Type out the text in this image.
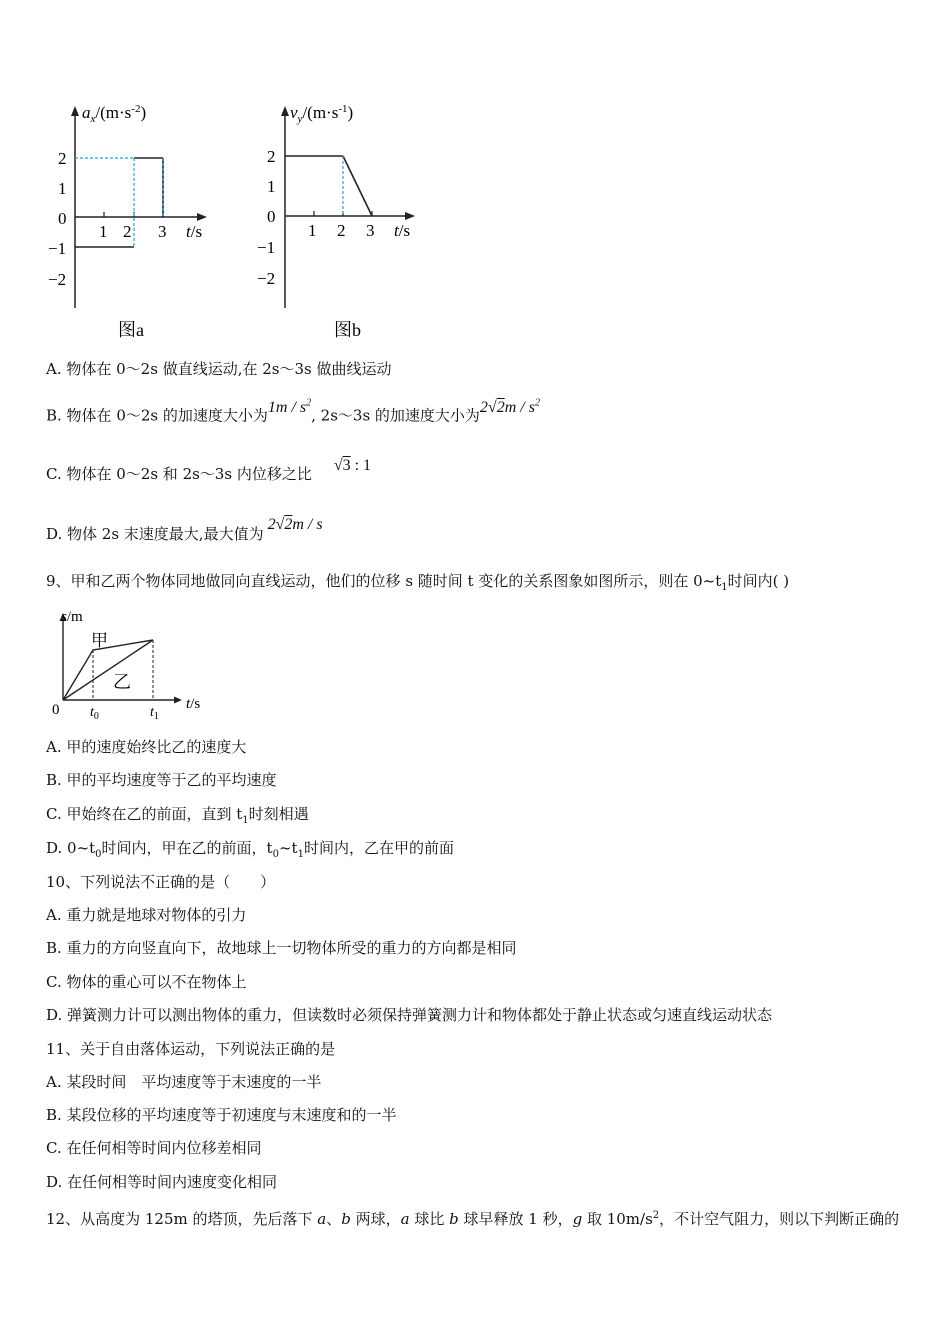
$a_x/(m\cdot s^{-2})$
2
1
0
−1
−2
1 2 3 t/s
图a
$v_y/(m\cdot s^{-1})$
2
1
0
−1
−2
1 2 3 t/s
图b
A. 物体在 0～2s 做直线运动,在 2s～3s 做曲线运动
B. 物体在 0～2s 的加速度大小为$1m / s^2$, 2s～3s 的加速度大小为$2√2m / s^2$
C. 物体在 0～2s 和 2s～3s 内位移之比 √3 : 1
D. 物体 2s 末速度最大,最大值为2√2m / s
9、甲和乙两个物体同地做同向直线运动，他们的位移 s 随时间 t 变化的关系图象如图所示，则在 $0\sim t_1$时间内( )
s/m
0 $t_0$	$t_1$
t/s
甲
乙
A. 甲的速度始终比乙的速度大
B. 甲的平均速度等于乙的平均速度
C. 甲始终在乙的前面，直到 $t_1$时刻相遇
D. $0\sim t_0$时间内，甲在乙的前面，$t_0\sim t_1$时间内，乙在甲的前面
10、下列说法不正确的是（　　）
A. 重力就是地球对物体的引力
B. 重力的方向竖直向下，故地球上一切物体所受的重力的方向都是相同
C. 物体的重心可以不在物体上
D. 弹簧测力计可以测出物体的重力，但读数时必须保持弹簧测力计和物体都处于静止状态或匀速直线运动状态
11、关于自由落体运动，下列说法正确的是
A. 某段时间　平均速度等于末速度的一半
B. 某段位移的平均速度等于初速度与末速度和的一半
C. 在任何相等时间内位移差相同
D. 在任何相等时间内速度变化相同
12、从高度为 125m 的塔顶，先后落下 a、b 两球，a 球比 b 球早释放 1 秒，g 取 $10m/s^2$，不计空气阻力，则以下判断正确的
